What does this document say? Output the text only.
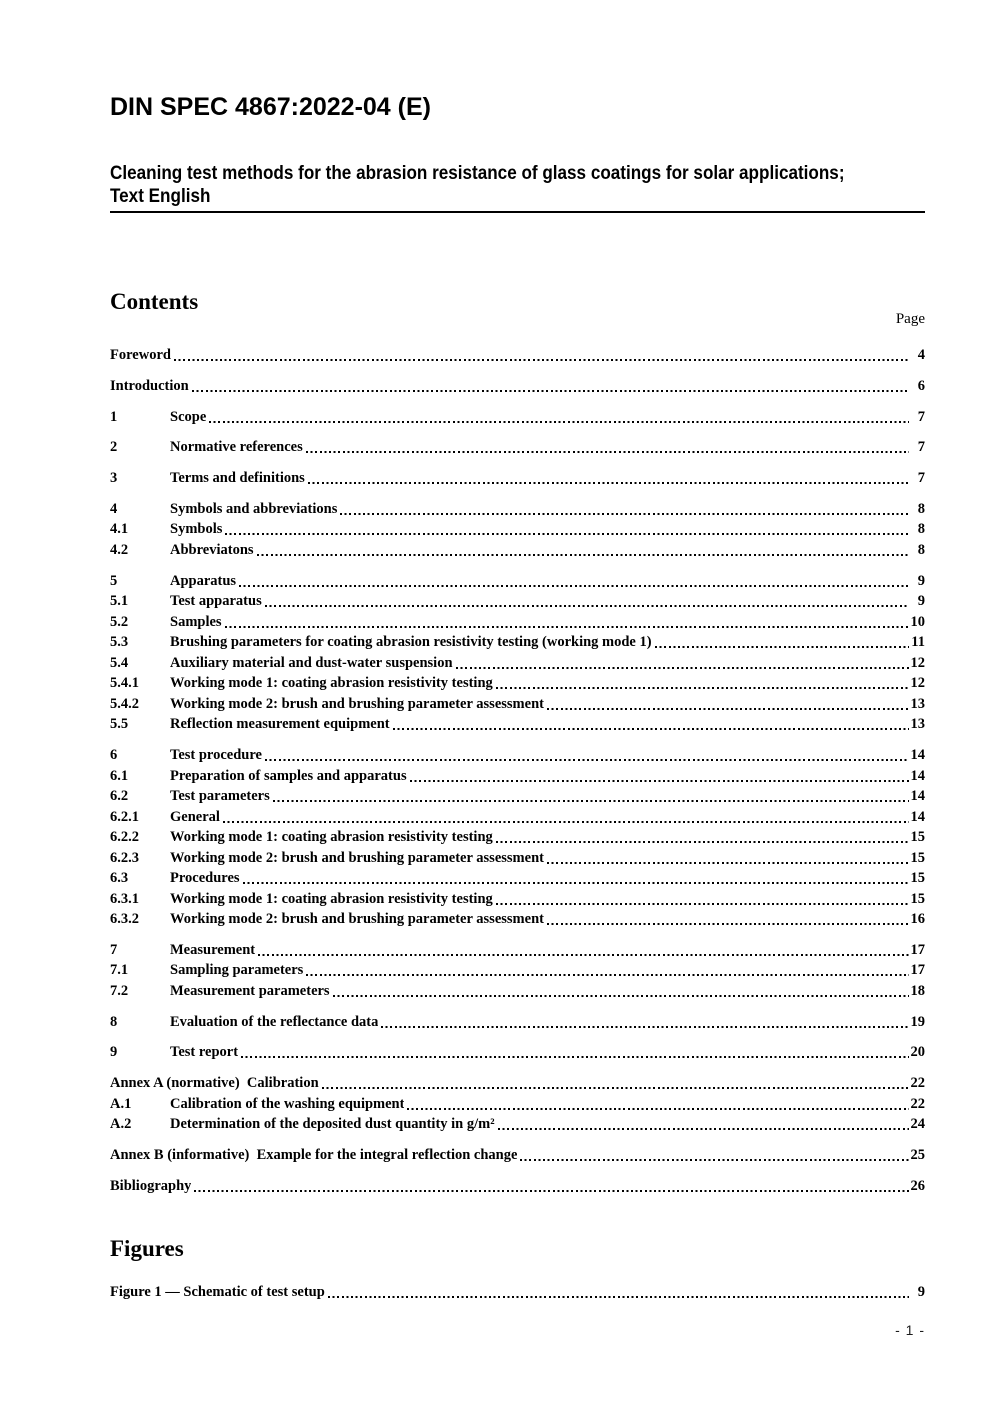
DIN SPEC 4867:2022-04 (E)
Cleaning test methods for the abrasion resistance of glass coatings for solar applications; Text English
Contents
Page
Foreword	4
Introduction	6
1	Scope	7
2	Normative references	7
3	Terms and definitions	7
4	Symbols and abbreviations	8
4.1	Symbols	8
4.2	Abbreviatons	8
5	Apparatus	9
5.1	Test apparatus	9
5.2	Samples	10
5.3	Brushing parameters for coating abrasion resistivity testing (working mode 1)	11
5.4	Auxiliary material and dust-water suspension	12
5.4.1	Working mode 1: coating abrasion resistivity testing	12
5.4.2	Working mode 2: brush and brushing parameter assessment	13
5.5	Reflection measurement equipment	13
6	Test procedure	14
6.1	Preparation of samples and apparatus	14
6.2	Test parameters	14
6.2.1	General	14
6.2.2	Working mode 1: coating abrasion resistivity testing	15
6.2.3	Working mode 2: brush and brushing parameter assessment	15
6.3	Procedures	15
6.3.1	Working mode 1: coating abrasion resistivity testing	15
6.3.2	Working mode 2: brush and brushing parameter assessment	16
7	Measurement	17
7.1	Sampling parameters	17
7.2	Measurement parameters	18
8	Evaluation of the reflectance data	19
9	Test report	20
Annex A (normative)  Calibration	22
A.1	Calibration of the washing equipment	22
A.2	Determination of the deposited dust quantity in g/m²	24
Annex B (informative)  Example for the integral reflection change	25
Bibliography	26
Figures
Figure 1 — Schematic of test setup	9
- 1 -
